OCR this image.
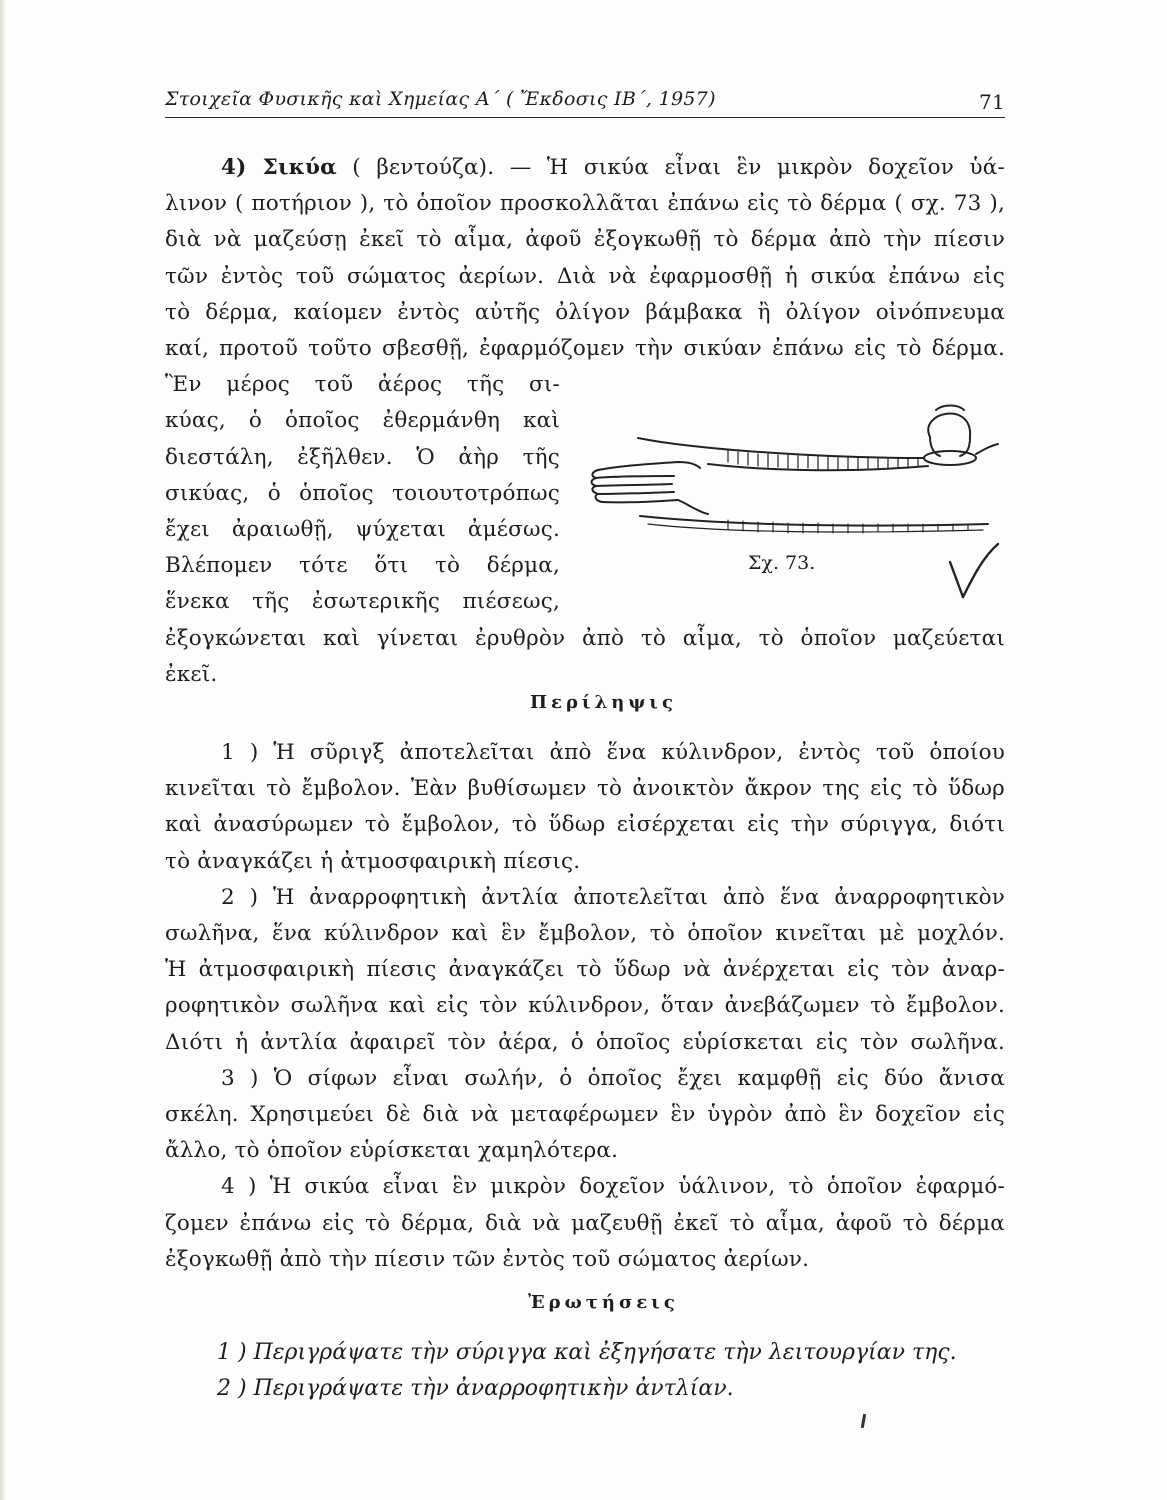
Στοιχεῖα Φυσικῆς καὶ Χημείας Α΄ ( Ἔκδοσις ΙΒ΄, 1957)	71
4) Σικύα ( βεντούζα). — Ἡ σικύα εἶναι ἓν μικρὸν δοχεῖον ὑά-
λινον ( ποτήριον ), τὸ ὁποῖον προσκολλᾶται ἐπάνω εἰς τὸ δέρμα ( σχ. 73 ),
διὰ νὰ μαζεύσῃ ἐκεῖ τὸ αἷμα, ἀφοῦ ἐξογκωθῇ τὸ δέρμα ἀπὸ τὴν πίεσιν
τῶν ἐντὸς τοῦ σώματος ἀερίων. Διὰ νὰ ἐφαρμοσθῇ ἡ σικύα ἐπάνω εἰς
τὸ δέρμα, καίομεν ἐντὸς αὐτῆς ὀλίγον βάμβακα ἢ ὀλίγον οἰνόπνευμα
καί, προτοῦ τοῦτο σβεσθῇ, ἐφαρμόζομεν τὴν σικύαν ἐπάνω εἰς τὸ δέρμα.
Ἓν μέρος τοῦ ἀέρος τῆς σι-
κύας, ὁ ὁποῖος ἐθερμάνθη καὶ
διεστάλη, ἐξῆλθεν. Ὁ ἀὴρ τῆς
σικύας, ὁ ὁποῖος τοιουτοτρόπως
ἔχει ἀραιωθῇ, ψύχεται ἀμέσως.
Βλέπομεν τότε ὅτι τὸ δέρμα,
ἕνεκα τῆς ἐσωτερικῆς πιέσεως,
ἐξογκώνεται καὶ γίνεται ἐρυθρὸν ἀπὸ τὸ αἷμα, τὸ ὁποῖον μαζεύεται
ἐκεῖ.
Σχ. 73.
Περίληψις
1 ) Ἡ σῦριγξ ἀποτελεῖται ἀπὸ ἕνα κύλινδρον, ἐντὸς τοῦ ὁποίου
κινεῖται τὸ ἔμβολον. Ἐὰν βυθίσωμεν τὸ ἀνοικτὸν ἄκρον της εἰς τὸ ὕδωρ
καὶ ἀνασύρωμεν τὸ ἔμβολον, τὸ ὕδωρ εἰσέρχεται εἰς τὴν σύριγγα, διότι
τὸ ἀναγκάζει ἡ ἀτμοσφαιρικὴ πίεσις.
2 ) Ἡ ἀναρροφητικὴ ἀντλία ἀποτελεῖται ἀπὸ ἕνα ἀναρροφητικὸν
σωλῆνα, ἕνα κύλινδρον καὶ ἓν ἔμβολον, τὸ ὁποῖον κινεῖται μὲ μοχλόν.
Ἡ ἀτμοσφαιρικὴ πίεσις ἀναγκάζει τὸ ὕδωρ νὰ ἀνέρχεται εἰς τὸν ἀναρ-
ροφητικὸν σωλῆνα καὶ εἰς τὸν κύλινδρον, ὅταν ἀνεβάζωμεν τὸ ἔμβολον.
Διότι ἡ ἀντλία ἀφαιρεῖ τὸν ἀέρα, ὁ ὁποῖος εὑρίσκεται εἰς τὸν σωλῆνα.
3 ) Ὁ σίφων εἶναι σωλήν, ὁ ὁποῖος ἔχει καμφθῇ εἰς δύο ἄνισα
σκέλη. Χρησιμεύει δὲ διὰ νὰ μεταφέρωμεν ἓν ὑγρὸν ἀπὸ ἓν δοχεῖον εἰς
ἄλλο, τὸ ὁποῖον εὑρίσκεται χαμηλότερα.
4 ) Ἡ σικύα εἶναι ἓν μικρὸν δοχεῖον ὑάλινον, τὸ ὁποῖον ἐφαρμό-
ζομεν ἐπάνω εἰς τὸ δέρμα, διὰ νὰ μαζευθῇ ἐκεῖ τὸ αἷμα, ἀφοῦ τὸ δέρμα
ἐξογκωθῇ ἀπὸ τὴν πίεσιν τῶν ἐντὸς τοῦ σώματος ἀερίων.
Ἐρωτήσεις
1 ) Περιγράψατε τὴν σύριγγα καὶ ἐξηγήσατε τὴν λειτουργίαν της.
2 ) Περιγράψατε τὴν ἀναρροφητικὴν ἀντλίαν.
